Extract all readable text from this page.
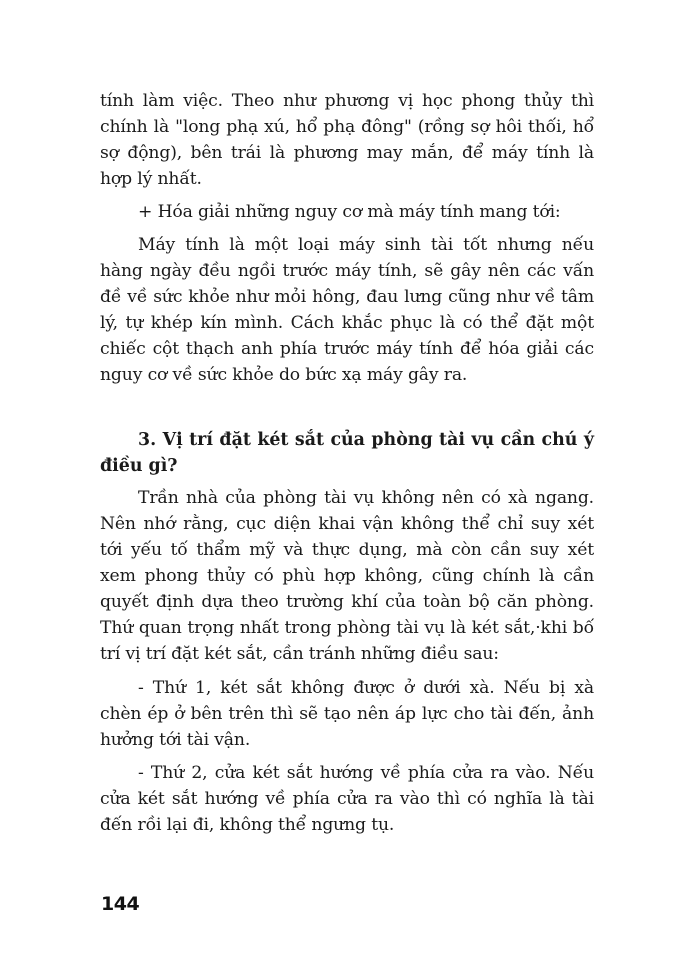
tính làm việc. Theo như phương vị học phong thủy thì chính là "long phạ xú, hổ phạ đông" (rồng sợ hôi thối, hổ sợ động), bên trái là phương may mắn, để máy tính là hợp lý nhất.

+ Hóa giải những nguy cơ mà máy tính mang tới:

Máy tính là một loại máy sinh tài tốt nhưng nếu hàng ngày đều ngồi trước máy tính, sẽ gây nên các vấn đề về sức khỏe như mỏi hông, đau lưng cũng như về tâm lý, tự khép kín mình. Cách khắc phục là có thể đặt một chiếc cột thạch anh phía trước máy tính để hóa giải các nguy cơ về sức khỏe do bức xạ máy gây ra.

3. Vị trí đặt két sắt của phòng tài vụ cần chú ý điều gì?

Trần nhà của phòng tài vụ không nên có xà ngang. Nên nhớ rằng, cục diện khai vận không thể chỉ suy xét tới yếu tố thẩm mỹ và thực dụng, mà còn cần suy xét xem phong thủy có phù hợp không, cũng chính là cần quyết định dựa theo trường khí của toàn bộ căn phòng. Thứ quan trọng nhất trong phòng tài vụ là két sắt,·khi bố trí vị trí đặt két sắt, cần tránh những điều sau:

- Thứ 1, két sắt không được ở dưới xà. Nếu bị xà chèn ép ở bên trên thì sẽ tạo nên áp lực cho tài đến, ảnh hưởng tới tài vận.

- Thứ 2, cửa két sắt hướng về phía cửa ra vào. Nếu cửa két sắt hướng về phía cửa ra vào thì có nghĩa là tài đến rồi lại đi, không thể ngưng tụ.

144
